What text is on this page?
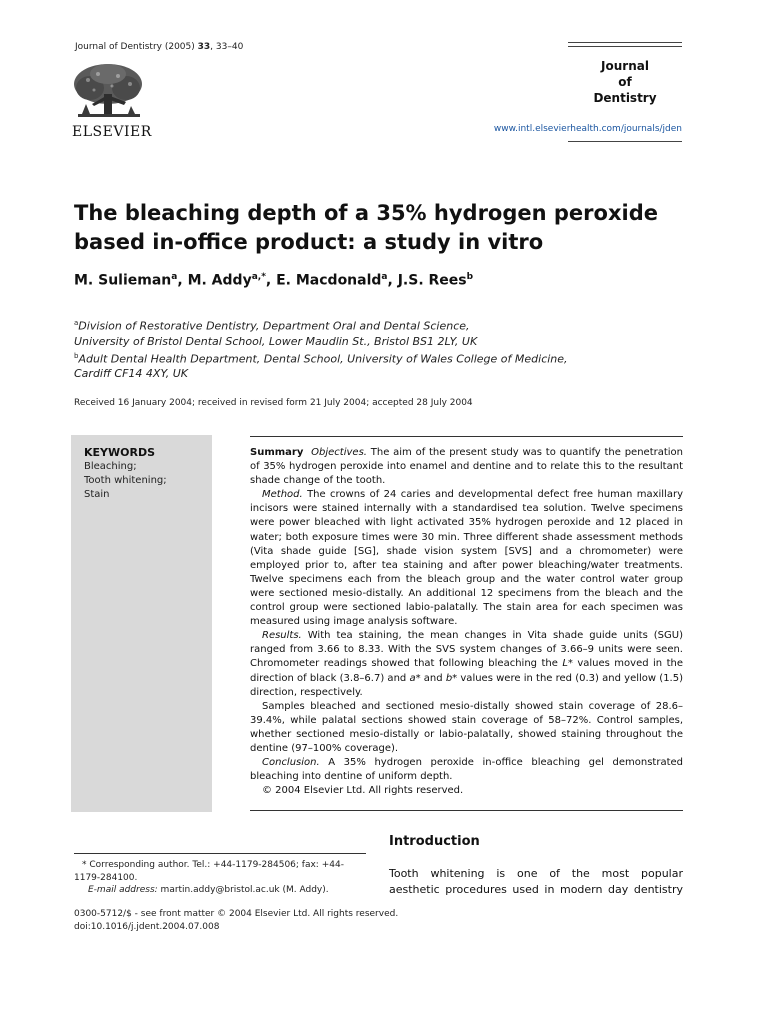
Journal of Dentistry (2005) 33, 33–40
ELSEVIER
Journal
of
Dentistry
www.intl.elsevierhealth.com/journals/jden
The bleaching depth of a 35% hydrogen peroxide
based in-office product: a study in vitro
M. Sulieman$^a$, M. Addy$^{a,*}$, E. Macdonald$^a$, J.S. Rees$^b$
$^a$Division of Restorative Dentistry, Department Oral and Dental Science,
University of Bristol Dental School, Lower Maudlin St., Bristol BS1 2LY, UK
$^b$Adult Dental Health Department, Dental School, University of Wales College of Medicine,
Cardiff CF14 4XY, UK
Received 16 January 2004; received in revised form 21 July 2004; accepted 28 July 2004
KEYWORDS
Bleaching;
Tooth whitening;
Stain

Summary Objectives. The aim of the present study was to quantify the penetration of 35% hydrogen peroxide into enamel and dentine and to relate this to the resultant shade change of the tooth.

Method. The crowns of 24 caries and developmental defect free human maxillary incisors were stained internally with a standardised tea solution. Twelve specimens were power bleached with light activated 35% hydrogen peroxide and 12 placed in water; both exposure times were 30 min. Three different shade assessment methods (Vita shade guide [SG], shade vision system [SVS] and a chromometer) were employed prior to, after tea staining and after power bleaching/water treatments. Twelve specimens each from the bleach group and the water control water group were sectioned mesio-distally. An additional 12 specimens from the bleach and the control group were sectioned labio-palatally. The stain area for each specimen was measured using image analysis software.

Results. With tea staining, the mean changes in Vita shade guide units (SGU) ranged from 3.66 to 8.33. With the SVS system changes of 3.66–9 units were seen. Chromometer readings showed that following bleaching the L* values moved in the direction of black (3.8–6.7) and a* and b* values were in the red (0.3) and yellow (1.5) direction, respectively.

Samples bleached and sectioned mesio-distally showed stain coverage of 28.6–39.4%, while palatal sections showed stain coverage of 58–72%. Control samples, whether sectioned mesio-distally or labio-palatally, showed staining throughout the dentine (97–100% coverage).

Conclusion. A 35% hydrogen peroxide in-office bleaching gel demonstrated bleaching into dentine of uniform depth.

© 2004 Elsevier Ltd. All rights reserved.

Introduction
Tooth whitening is one of the most popular
aesthetic procedures used in modern day dentistry
* Corresponding author. Tel.: +44-1179-284506; fax: +44-
1179-284100.
E-mail address: martin.addy@bristol.ac.uk (M. Addy).
0300-5712/$ - see front matter © 2004 Elsevier Ltd. All rights reserved.
doi:10.1016/j.jdent.2004.07.008
